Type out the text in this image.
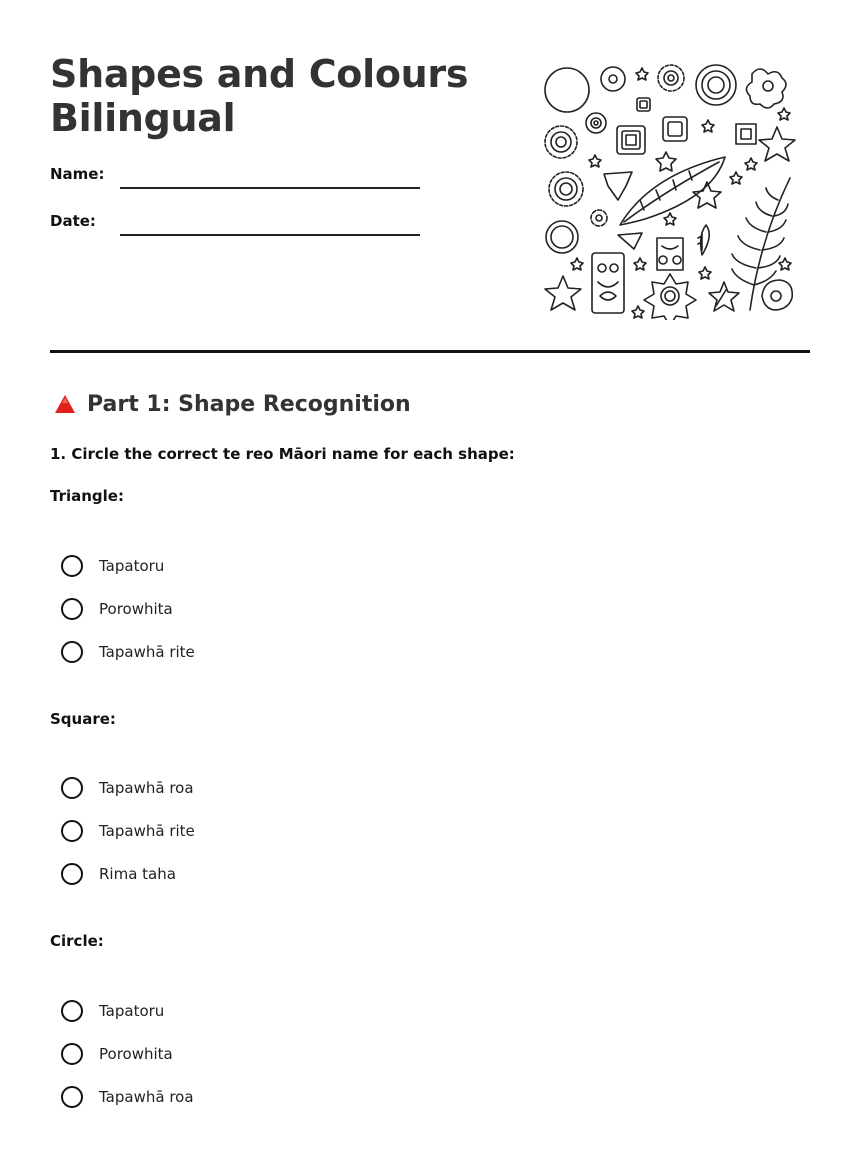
Shapes and Colours
Bilingual
Name:
Date:
Part 1: Shape Recognition
1. Circle the correct te reo Māori name for each shape:
Triangle:
Tapatoru
Porowhita
Tapawhā rite
Square:
Tapawhā roa
Tapawhā rite
Rima taha
Circle:
Tapatoru
Porowhita
Tapawhā roa
